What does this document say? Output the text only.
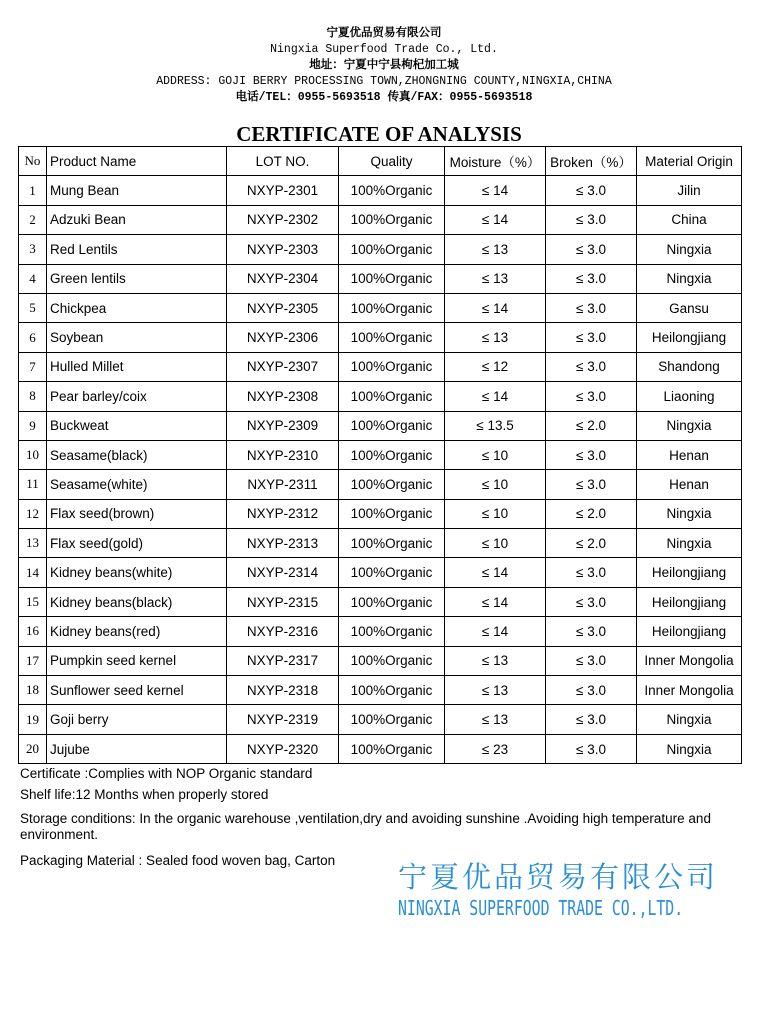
宁夏优品贸易有限公司
Ningxia Superfood Trade Co., Ltd.
地址：宁夏中宁县枸杞加工城
ADDRESS: GOJI BERRY PROCESSING TOWN,ZHONGNING COUNTY,NINGXIA,CHINA
电话/TEL：0955-5693518 传真/FAX：0955-5693518
CERTIFICATE OF ANALYSIS
No	Product Name	LOT NO.	Quality	Moisture（%）	Broken（%）	Material Origin
1	Mung Bean	NXYP-2301	100%Organic	≤ 14	≤ 3.0	Jilin
2	Adzuki Bean	NXYP-2302	100%Organic	≤ 14	≤ 3.0	China
3	Red Lentils	NXYP-2303	100%Organic	≤ 13	≤ 3.0	Ningxia
4	Green lentils	NXYP-2304	100%Organic	≤ 13	≤ 3.0	Ningxia
5	Chickpea	NXYP-2305	100%Organic	≤ 14	≤ 3.0	Gansu
6	Soybean	NXYP-2306	100%Organic	≤ 13	≤ 3.0	Heilongjiang
7	Hulled Millet	NXYP-2307	100%Organic	≤ 12	≤ 3.0	Shandong
8	Pear barley/coix	NXYP-2308	100%Organic	≤ 14	≤ 3.0	Liaoning
9	Buckweat	NXYP-2309	100%Organic	≤ 13.5	≤ 2.0	Ningxia
10	Seasame(black)	NXYP-2310	100%Organic	≤ 10	≤ 3.0	Henan
11	Seasame(white)	NXYP-2311	100%Organic	≤ 10	≤ 3.0	Henan
12	Flax seed(brown)	NXYP-2312	100%Organic	≤ 10	≤ 2.0	Ningxia
13	Flax seed(gold)	NXYP-2313	100%Organic	≤ 10	≤ 2.0	Ningxia
14	Kidney beans(white)	NXYP-2314	100%Organic	≤ 14	≤ 3.0	Heilongjiang
15	Kidney beans(black)	NXYP-2315	100%Organic	≤ 14	≤ 3.0	Heilongjiang
16	Kidney beans(red)	NXYP-2316	100%Organic	≤ 14	≤ 3.0	Heilongjiang
17	Pumpkin seed kernel	NXYP-2317	100%Organic	≤ 13	≤ 3.0	Inner Mongolia
18	Sunflower seed kernel	NXYP-2318	100%Organic	≤ 13	≤ 3.0	Inner Mongolia
19	Goji berry	NXYP-2319	100%Organic	≤ 13	≤ 3.0	Ningxia
20	Jujube	NXYP-2320	100%Organic	≤ 23	≤ 3.0	Ningxia
Certificate :Complies with NOP Organic standard
Shelf life:12 Months when properly stored
Storage conditions: In the organic warehouse ,ventilation,dry and avoiding sunshine .Avoiding high temperature and environment.
Packaging Material : Sealed food woven bag, Carton	宁夏优品贸易有限公司
NINGXIA SUPERFOOD TRADE CO.,LTD.
